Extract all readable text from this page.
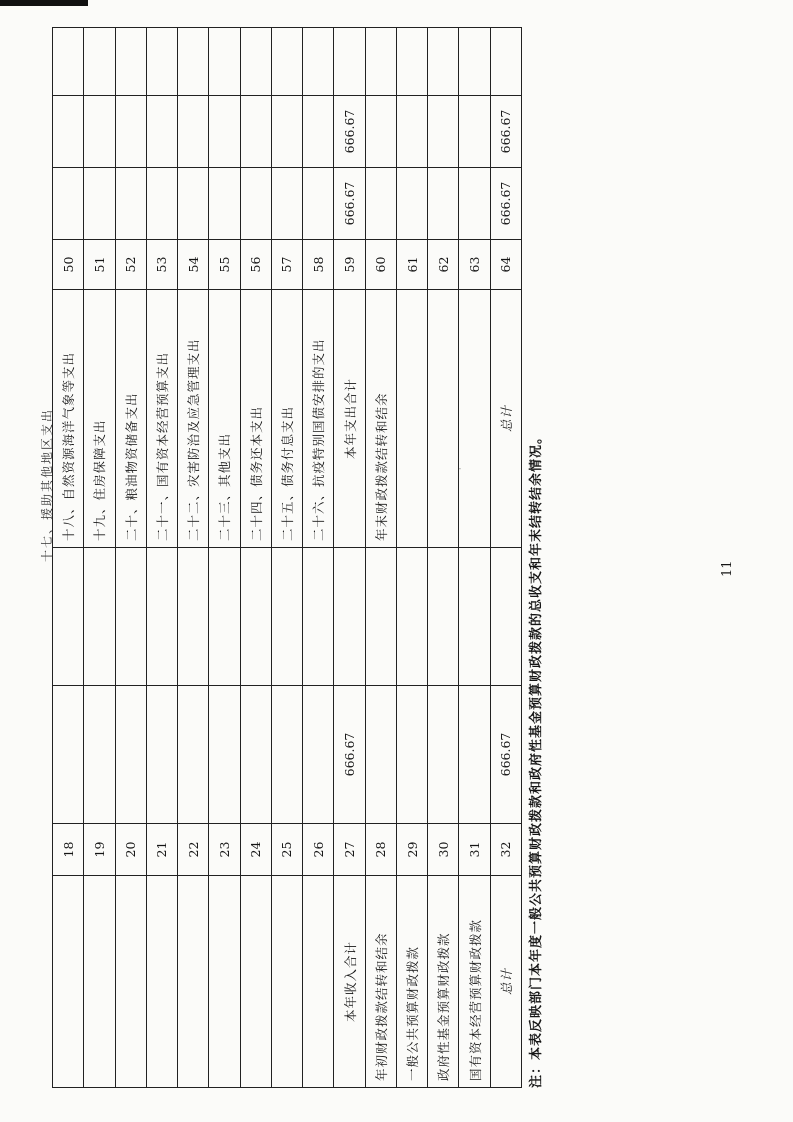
十七、援助其他地区支出
	18			十八、自然资源海洋气象等支出	50			
	19			十九、住房保障支出	51			
	20			二十、粮油物资储备支出	52			
	21			二十一、国有资本经营预算支出	53			
	22			二十二、灾害防治及应急管理支出	54			
	23			二十三、其他支出	55			
	24			二十四、债务还本支出	56			
	25			二十五、债务付息支出	57			
	26			二十六、抗疫特别国债安排的支出	58			
本年收入合计	27	666.67		本年支出合计	59	666.67	666.67	
年初财政拨款结转和结余	28			年末财政拨款结转和结余	60			
一般公共预算财政拨款	29				61			
政府性基金预算财政拨款	30				62			
国有资本经营预算财政拨款	31				63			
总计	32	666.67		总计	64	666.67	666.67	
·	注：本表反映部门本年度一般公共预算财政拨款和政府性基金预算财政拨款的总收支和年末结转结余情况。	11
